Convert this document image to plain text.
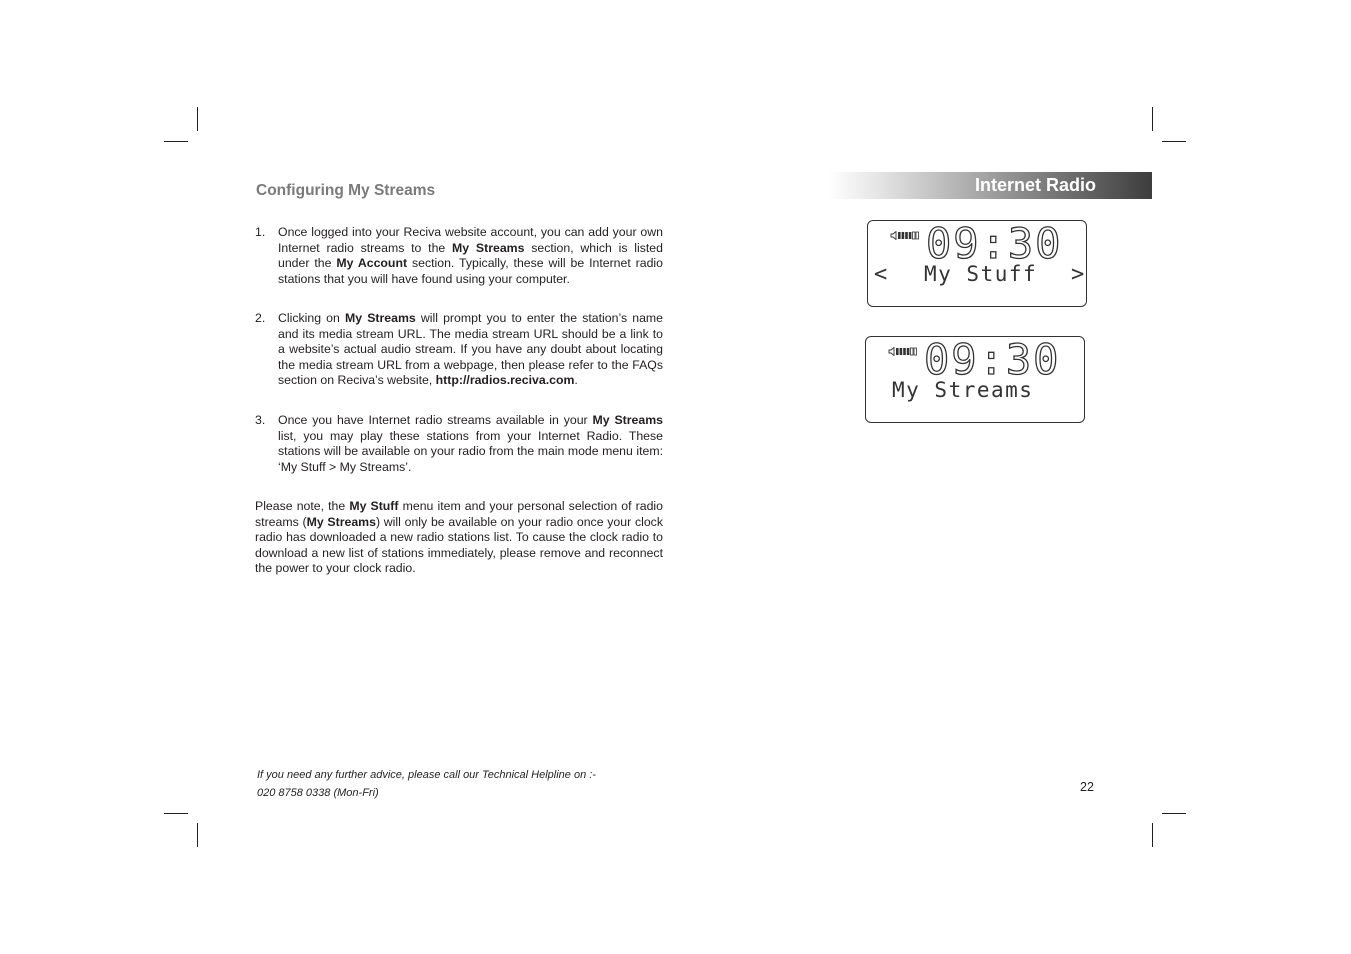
Configuring My Streams
1. Once logged into your Reciva website account, you can add your own Internet radio streams to the My Streams section, which is listed under the My Account section. Typically, these will be Internet radio stations that you will have found using your computer.
2. Clicking on My Streams will prompt you to enter the station’s name and its media stream URL. The media stream URL should be a link to a website’s actual audio stream. If you have any doubt about locating the media stream URL from a webpage, then please refer to the FAQs section on Reciva’s website, http://radios.reciva.com.
3. Once you have Internet radio streams available in your My Streams list, you may play these stations from your Internet Radio. These stations will be available on your radio from the main mode menu item: ‘My Stuff > My Streams’.
Please note, the My Stuff menu item and your personal selection of radio streams (My Streams) will only be available on your radio once your clock radio has downloaded a new radio stations list. To cause the clock radio to download a new list of stations immediately, please remove and reconnect the power to your clock radio.
If you need any further advice, please call our Technical Helpline on :-
020 8758 0338 (Mon-Fri)	22
Internet Radio
09:30
< My Stuff >
09:30
My Streams
